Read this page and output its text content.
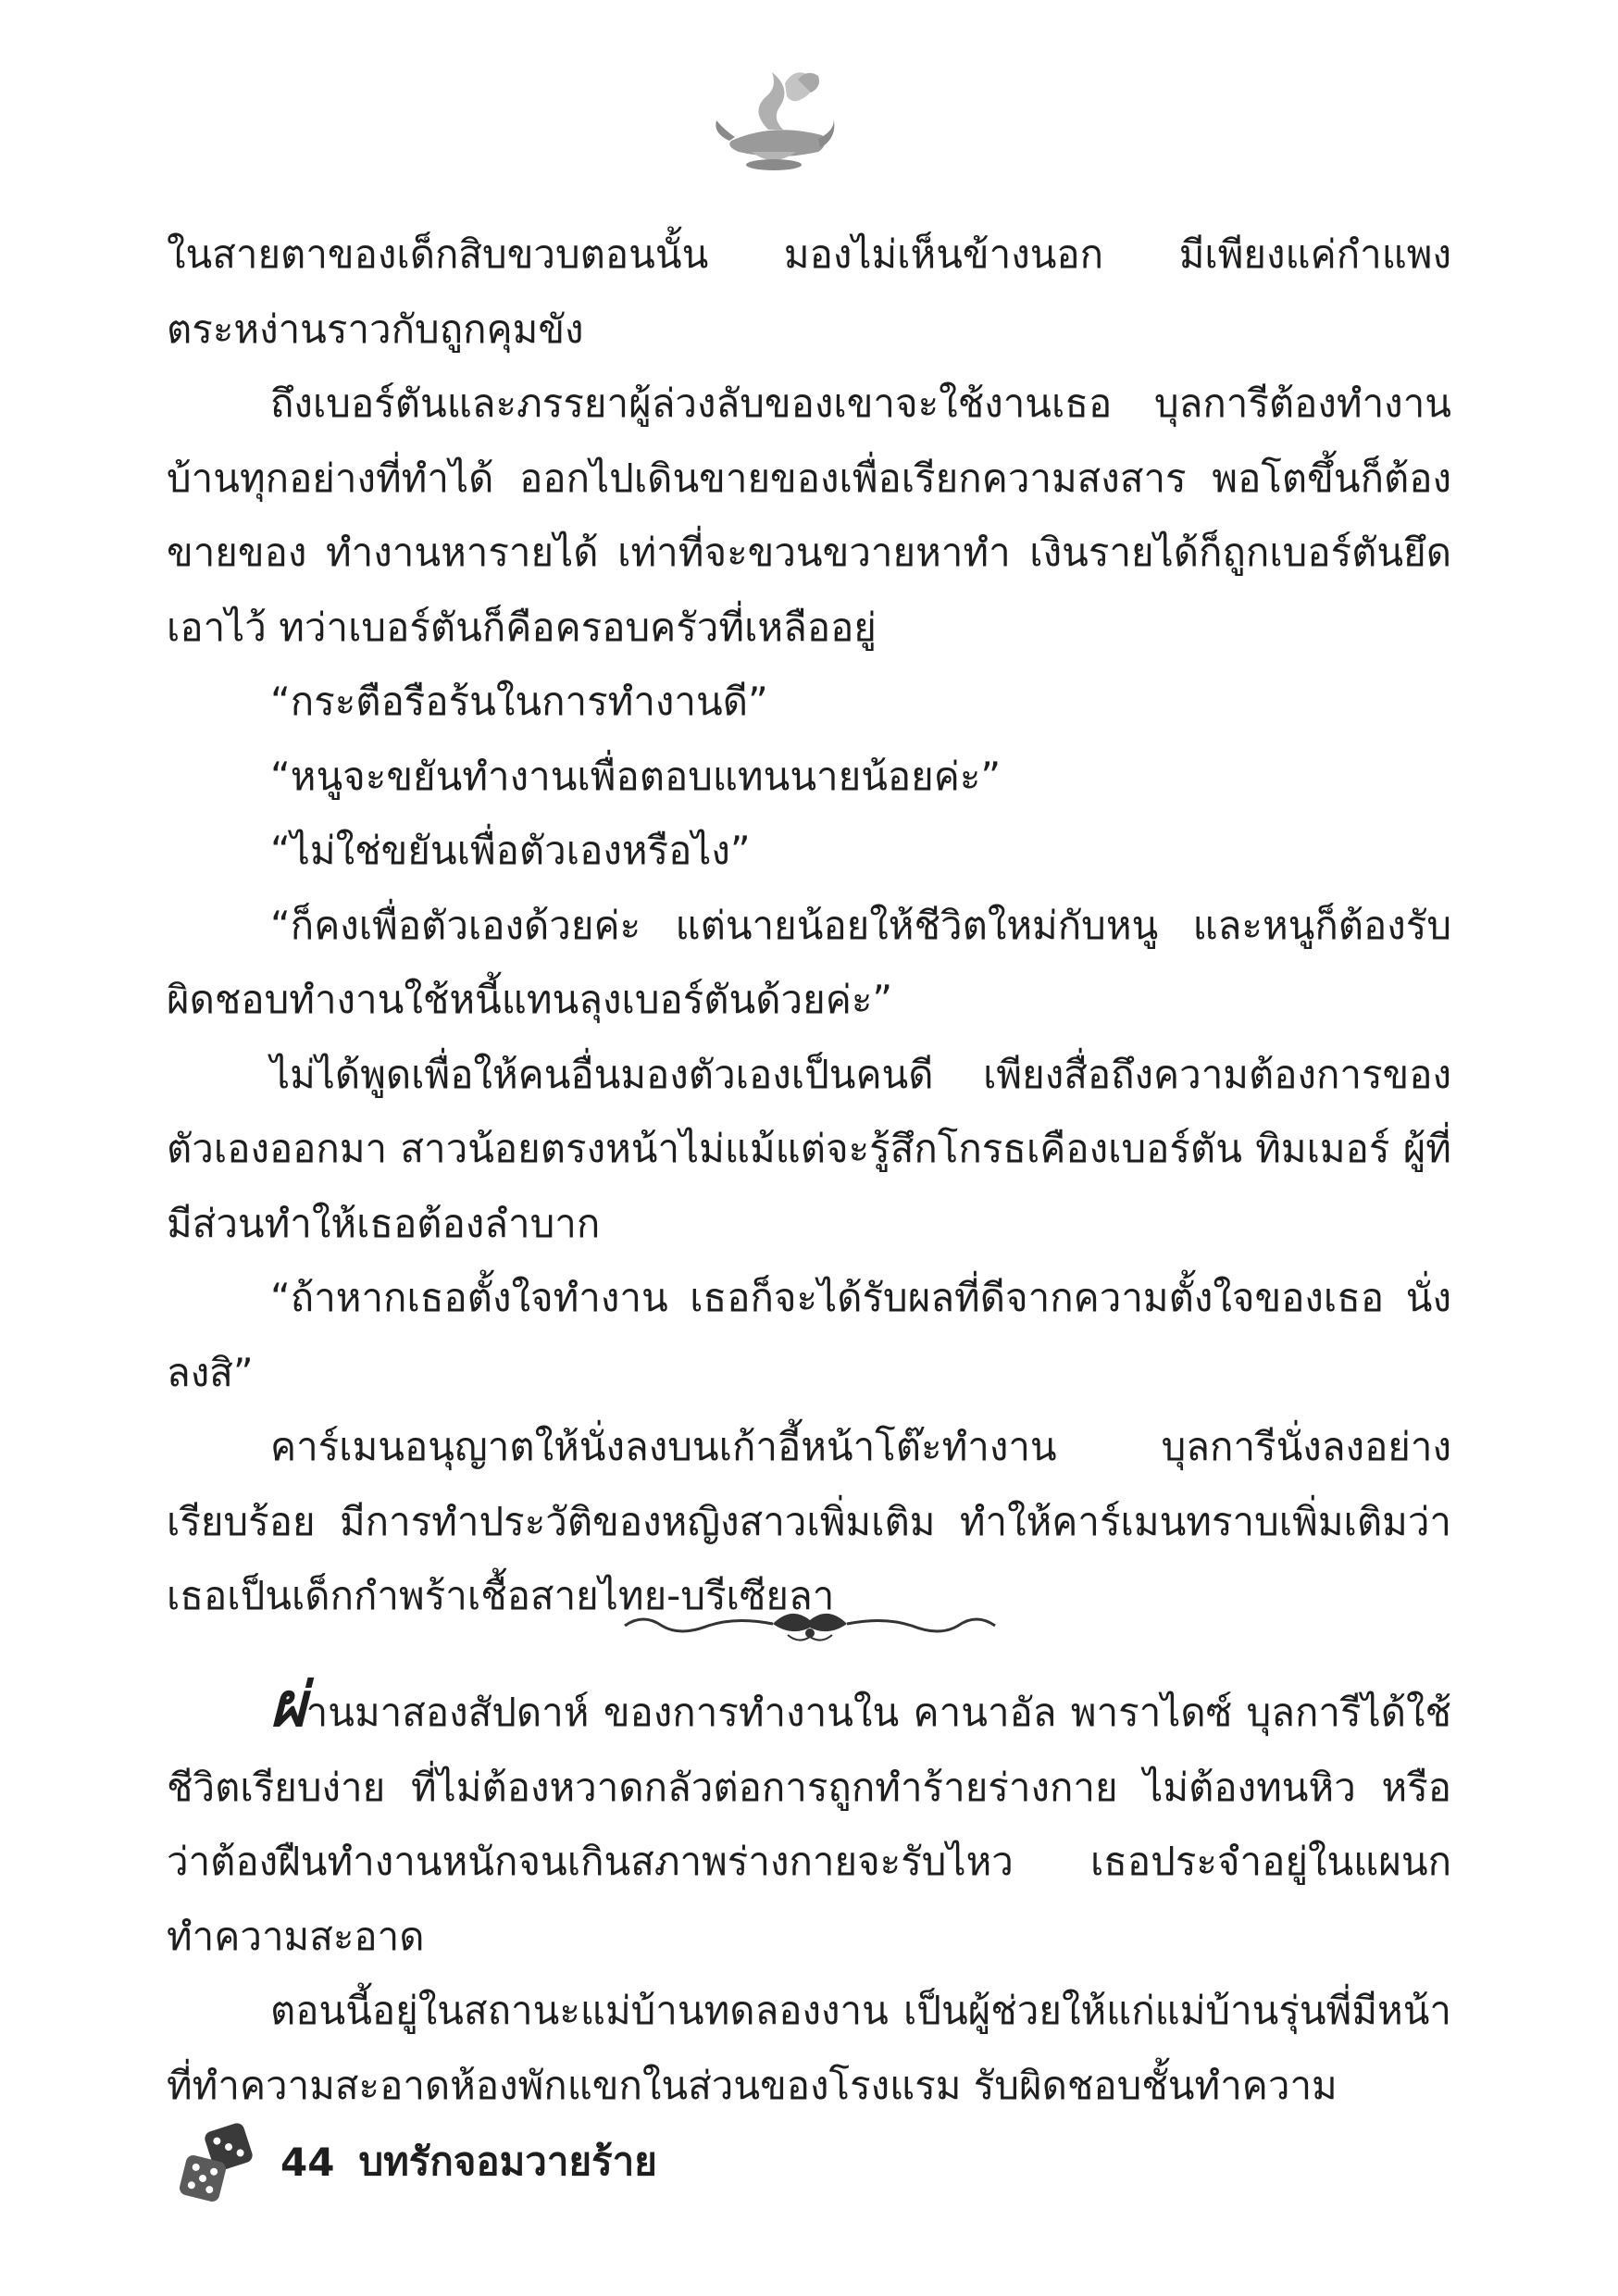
ในสายตาของเด็กสิบขวบตอนนั้น มองไม่เห็นข้างนอก มีเพียงแค่กำแพงตระหง่านราวกับถูกคุมขัง

ถึงเบอร์ตันและภรรยาผู้ล่วงลับของเขาจะใช้งานเธอ บุลการีต้องทำงานบ้านทุกอย่างที่ทำได้ ออกไปเดินขายของเพื่อเรียกความสงสาร พอโตขึ้นก็ต้องขายของ ทำงานหารายได้ เท่าที่จะขวนขวายหาทำ เงินรายได้ก็ถูกเบอร์ตันยึดเอาไว้ ทว่าเบอร์ตันก็คือครอบครัวที่เหลืออยู่

“กระตือรือร้นในการทำงานดี”

“หนูจะขยันทำงานเพื่อตอบแทนนายน้อยค่ะ”

“ไม่ใช่ขยันเพื่อตัวเองหรือไง”

“ก็คงเพื่อตัวเองด้วยค่ะ แต่นายน้อยให้ชีวิตใหม่กับหนู และหนูก็ต้องรับผิดชอบทำงานใช้หนี้แทนลุงเบอร์ตันด้วยค่ะ”

ไม่ได้พูดเพื่อให้คนอื่นมองตัวเองเป็นคนดี เพียงสื่อถึงความต้องการของตัวเองออกมา สาวน้อยตรงหน้าไม่แม้แต่จะรู้สึกโกรธเคืองเบอร์ตัน ทิมเมอร์ ผู้ที่มีส่วนทำให้เธอต้องลำบาก

“ถ้าหากเธอตั้งใจทำงาน เธอก็จะได้รับผลที่ดีจากความตั้งใจของเธอ นั่งลงสิ”

คาร์เมนอนุญาตให้นั่งลงบนเก้าอี้หน้าโต๊ะทำงาน บุลการีนั่งลงอย่างเรียบร้อย มีการทำประวัติของหญิงสาวเพิ่มเติม ทำให้คาร์เมนทราบเพิ่มเติมว่าเธอเป็นเด็กกำพร้าเชื้อสายไทย-บรีเซียลา

ผ่านมาสองสัปดาห์ ของการทำงานใน คานาอัล พาราไดซ์ บุลการีได้ใช้ชีวิตเรียบง่าย ที่ไม่ต้องหวาดกลัวต่อการถูกทำร้ายร่างกาย ไม่ต้องทนหิว หรือว่าต้องฝืนทำงานหนักจนเกินสภาพร่างกายจะรับไหว เธอประจำอยู่ในแผนกทำความสะอาด

ตอนนี้อยู่ในสถานะแม่บ้านทดลองงาน เป็นผู้ช่วยให้แก่แม่บ้านรุ่นพี่มีหน้าที่ทำความสะอาดห้องพักแขกในส่วนของโรงแรม รับผิดชอบชั้นทำความ

44 บทรักจอมวายร้าย
